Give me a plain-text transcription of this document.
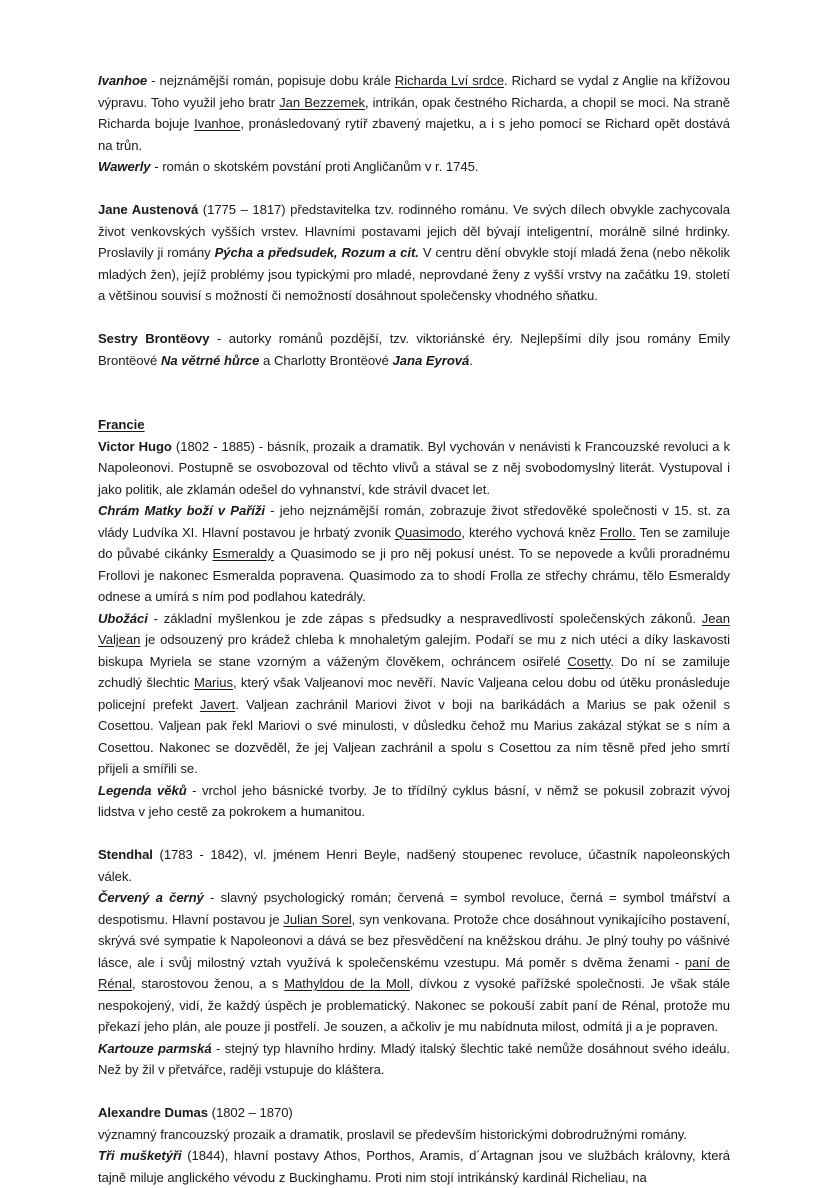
Ivanhoe - nejznámější román, popisuje dobu krále Richarda Lví srdce. Richard se vydal z Anglie na křížovou výpravu. Toho využil jeho bratr Jan Bezzemek, intrikán, opak čestného Richarda, a chopil se moci. Na straně Richarda bojuje Ivanhoe, pronásledovaný rytíř zbavený majetku, a i s jeho pomocí se Richard opět dostává na trůn.

Wawerly - román o skotském povstání proti Angličanům v r. 1745.

Jane Austenová (1775 – 1817) představitelka tzv. rodinného románu. Ve svých dílech obvykle zachycovala život venkovských vyšších vrstev. Hlavními postavami jejich děl bývají inteligentní, morálně silné hrdinky. Proslavily ji romány Pýcha a předsudek, Rozum a cit. V centru dění obvykle stojí mladá žena (nebo několik mladých žen), jejíž problémy jsou typickými pro mladé, neprovdané ženy z vyšší vrstvy na začátku 19. století a většinou souvisí s možností či nemožností dosáhnout společensky vhodného sňatku.

Sestry Brontëovy - autorky románů pozdější, tzv. viktoriánské éry. Nejlepšími díly jsou romány Emily Brontëové Na větrné hůrce a Charlotty Brontëové Jana Eyrová.

Francie

Victor Hugo (1802 - 1885) - básník, prozaik a dramatik. Byl vychován v nenávisti k Francouzské revoluci a k Napoleonovi. Postupně se osvobozoval od těchto vlivů a stával se z něj svobodomyslný literát. Vystupoval i jako politik, ale zklamán odešel do vyhnanství, kde strávil dvacet let.

Chrám Matky boží v Paříži - jeho nejznámější román, zobrazuje život středověké společnosti v 15. st. za vlády Ludvíka XI. Hlavní postavou je hrbatý zvonik Quasimodo, kterého vychová kněz Frollo. Ten se zamiluje do půvabé cikánky Esmeraldy a Quasimodo se ji pro něj pokusí unést. To se nepovede a kvůli proradnému Frollovi je nakonec Esmeralda popravena. Quasimodo za to shodí Frolla ze střechy chrámu, tělo Esmeraldy odnese a umírá s ním pod podlahou katedrály.

Ubožáci - základní myšlenkou je zde zápas s předsudky a nespravedlivostí společenských zákonů. Jean Valjean je odsouzený pro krádež chleba k mnohaletým galejím. Podaří se mu z nich utéci a díky laskavosti biskupa Myriela se stane vzorným a váženým člověkem, ochráncem osiřelé Cosetty. Do ní se zamiluje zchudlý šlechtic Marius, který však Valjeanovi moc nevěří. Navíc Valjeana celou dobu od útěku pronásleduje policejní prefekt Javert. Valjean zachránil Mariovi život v boji na barikádách a Marius se pak oženil s Cosettou. Valjean pak řekl Mariovi o své minulosti, v důsledku čehož mu Marius zakázal stýkat se s ním a Cosettou. Nakonec se dozvěděl, že jej Valjean zachránil a spolu s Cosettou za ním těsně před jeho smrtí přijeli a smířili se.

Legenda věků - vrchol jeho básnické tvorby. Je to třídílný cyklus básní, v němž se pokusil zobrazit vývoj lidstva v jeho cestě za pokrokem a humanitou.

Stendhal (1783 - 1842), vl. jménem Henri Beyle, nadšený stoupenec revoluce, účastník napoleonských válek.

Červený a černý - slavný psychologický román; červená = symbol revoluce, černá = symbol tmářství a despotismu. Hlavní postavou je Julian Sorel, syn venkovana. Protože chce dosáhnout vynikajícího postavení, skrývá své sympatie k Napoleonovi a dává se bez přesvědčení na kněžskou dráhu. Je plný touhy po vášnivé lásce, ale i svůj milostný vztah využívá k společenskému vzestupu. Má poměr s dvěma ženami - paní de Rénal, starostovou ženou, a s Mathyldou de la Moll, dívkou z vysoké pařížské společnosti. Je však stále nespokojený, vidí, že každý úspěch je problematický. Nakonec se pokouší zabít paní de Rénal, protože mu překazí jeho plán, ale pouze ji postřelí. Je souzen, a ačkoliv je mu nabídnuta milost, odmítá ji a je popraven.

Kartouze parmská - stejný typ hlavního hrdiny. Mladý italský šlechtic také nemůže dosáhnout svého ideálu. Než by žil v přetvářce, raději vstupuje do kláštera.

Alexandre Dumas (1802 – 1870)

významný francouzský prozaik a dramatik, proslavil se především historickými dobrodružnými romány.

Tři mušketýři (1844), hlavní postavy Athos, Porthos, Aramis, d´Artagnan jsou ve službách královny, která tajně miluje anglického vévodu z Buckinghamu. Proti nim stojí intrikánský kardinál Richeliau, na
